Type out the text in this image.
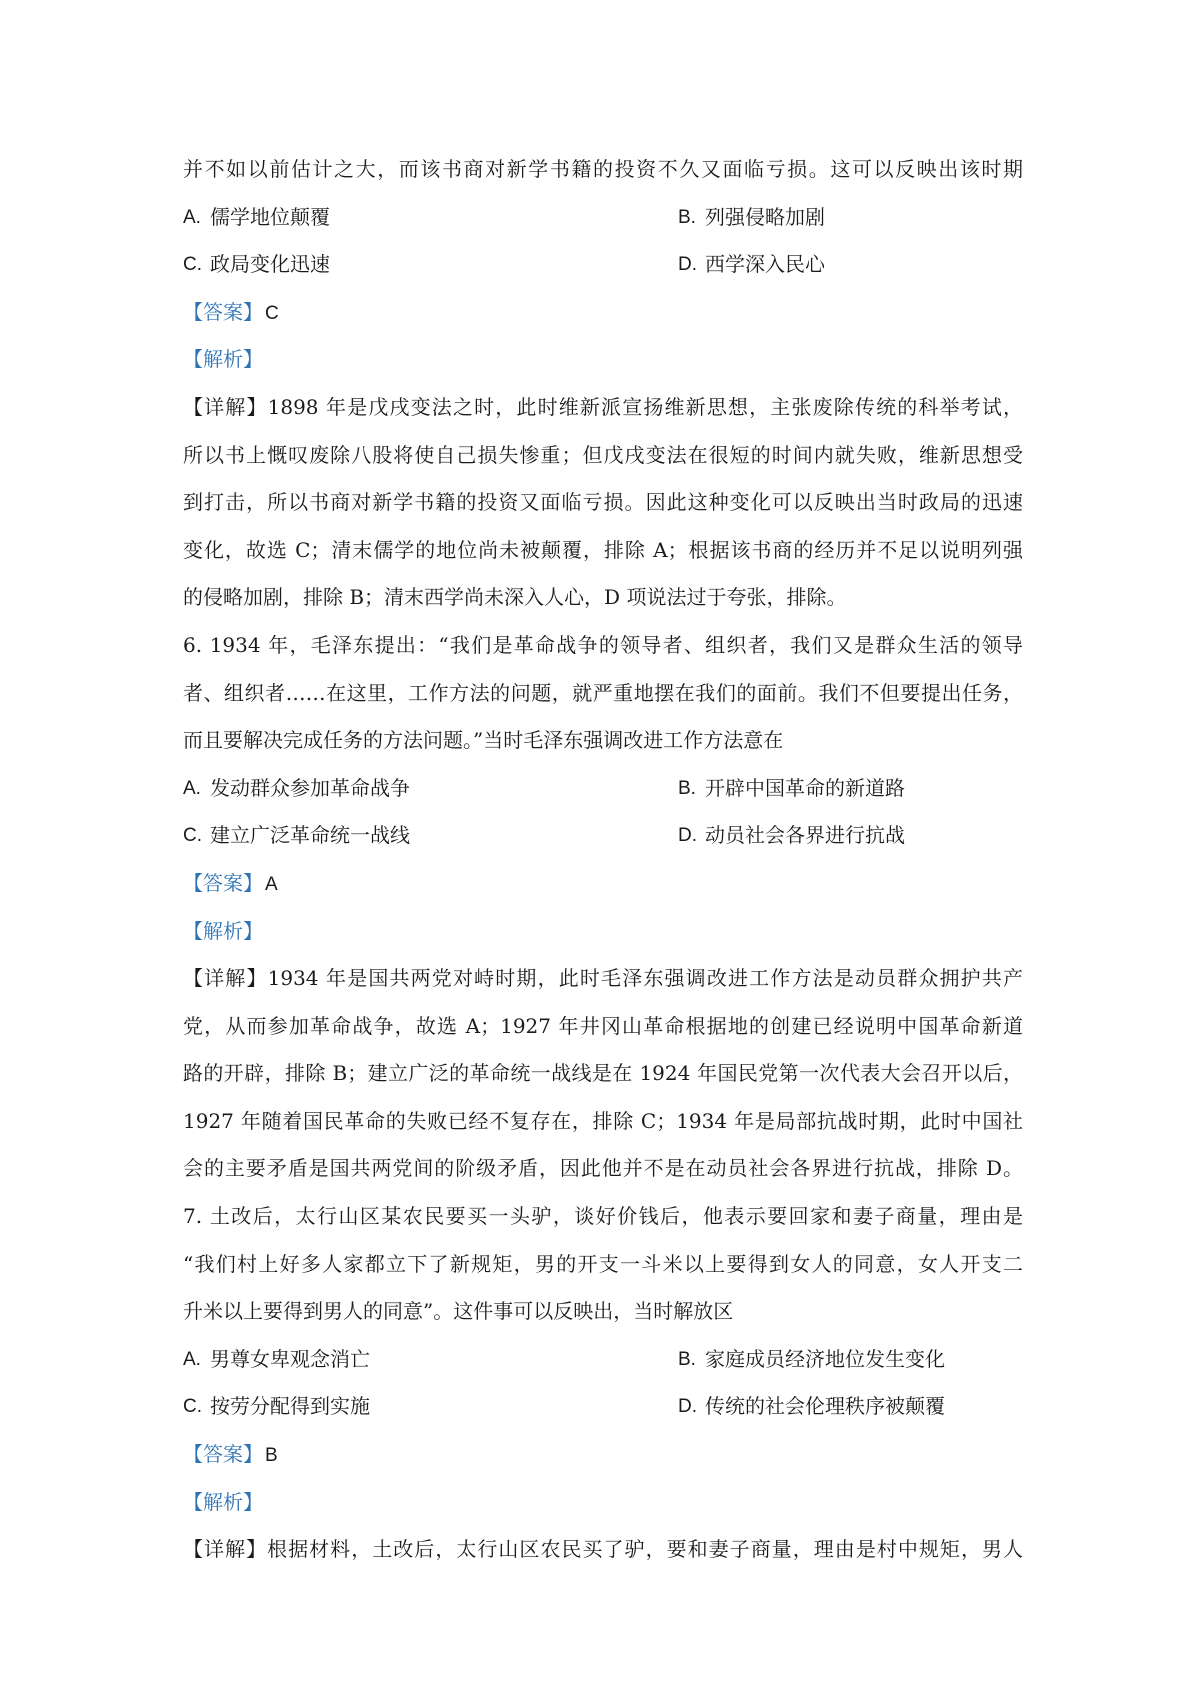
并不如以前估计之大，而该书商对新学书籍的投资不久又面临亏损。这可以反映出该时期
A. 儒学地位颠覆	B. 列强侵略加剧
C. 政局变化迅速	D. 西学深入民心
【答案】 C
【解析】
【详解】1898 年是戊戌变法之时，此时维新派宣扬维新思想，主张废除传统的科举考试，
所以书上慨叹废除八股将使自己损失惨重；但戊戌变法在很短的时间内就失败，维新思想受
到打击，所以书商对新学书籍的投资又面临亏损。因此这种变化可以反映出当时政局的迅速
变化，故选 C；清末儒学的地位尚未被颠覆，排除 A；根据该书商的经历并不足以说明列强
的侵略加剧，排除 B；清末西学尚未深入人心，D 项说法过于夸张，排除。
6. 1934 年，毛泽东提出：“我们是革命战争的领导者、组织者，我们又是群众生活的领导
者、组织者……在这里，工作方法的问题，就严重地摆在我们的面前。我们不但要提出任务，
而且要解决完成任务的方法问题。”当时毛泽东强调改进工作方法意在
A. 发动群众参加革命战争	B. 开辟中国革命的新道路
C. 建立广泛革命统一战线	D. 动员社会各界进行抗战
【答案】 A
【解析】
【详解】1934 年是国共两党对峙时期，此时毛泽东强调改进工作方法是动员群众拥护共产
党，从而参加革命战争，故选 A；1927 年井冈山革命根据地的创建已经说明中国革命新道
路的开辟，排除 B；建立广泛的革命统一战线是在 1924 年国民党第一次代表大会召开以后，
1927 年随着国民革命的失败已经不复存在，排除 C；1934 年是局部抗战时期，此时中国社
会的主要矛盾是国共两党间的阶级矛盾，因此他并不是在动员社会各界进行抗战，排除 D。
7. 土改后，太行山区某农民要买一头驴，谈好价钱后，他表示要回家和妻子商量，理由是
“我们村上好多人家都立下了新规矩，男的开支一斗米以上要得到女人的同意，女人开支二
升米以上要得到男人的同意”。这件事可以反映出，当时解放区
A. 男尊女卑观念消亡	B. 家庭成员经济地位发生变化
C. 按劳分配得到实施	D. 传统的社会伦理秩序被颠覆
【答案】 B
【解析】
【详解】根据材料，土改后，太行山区农民买了驴，要和妻子商量，理由是村中规矩，男人
